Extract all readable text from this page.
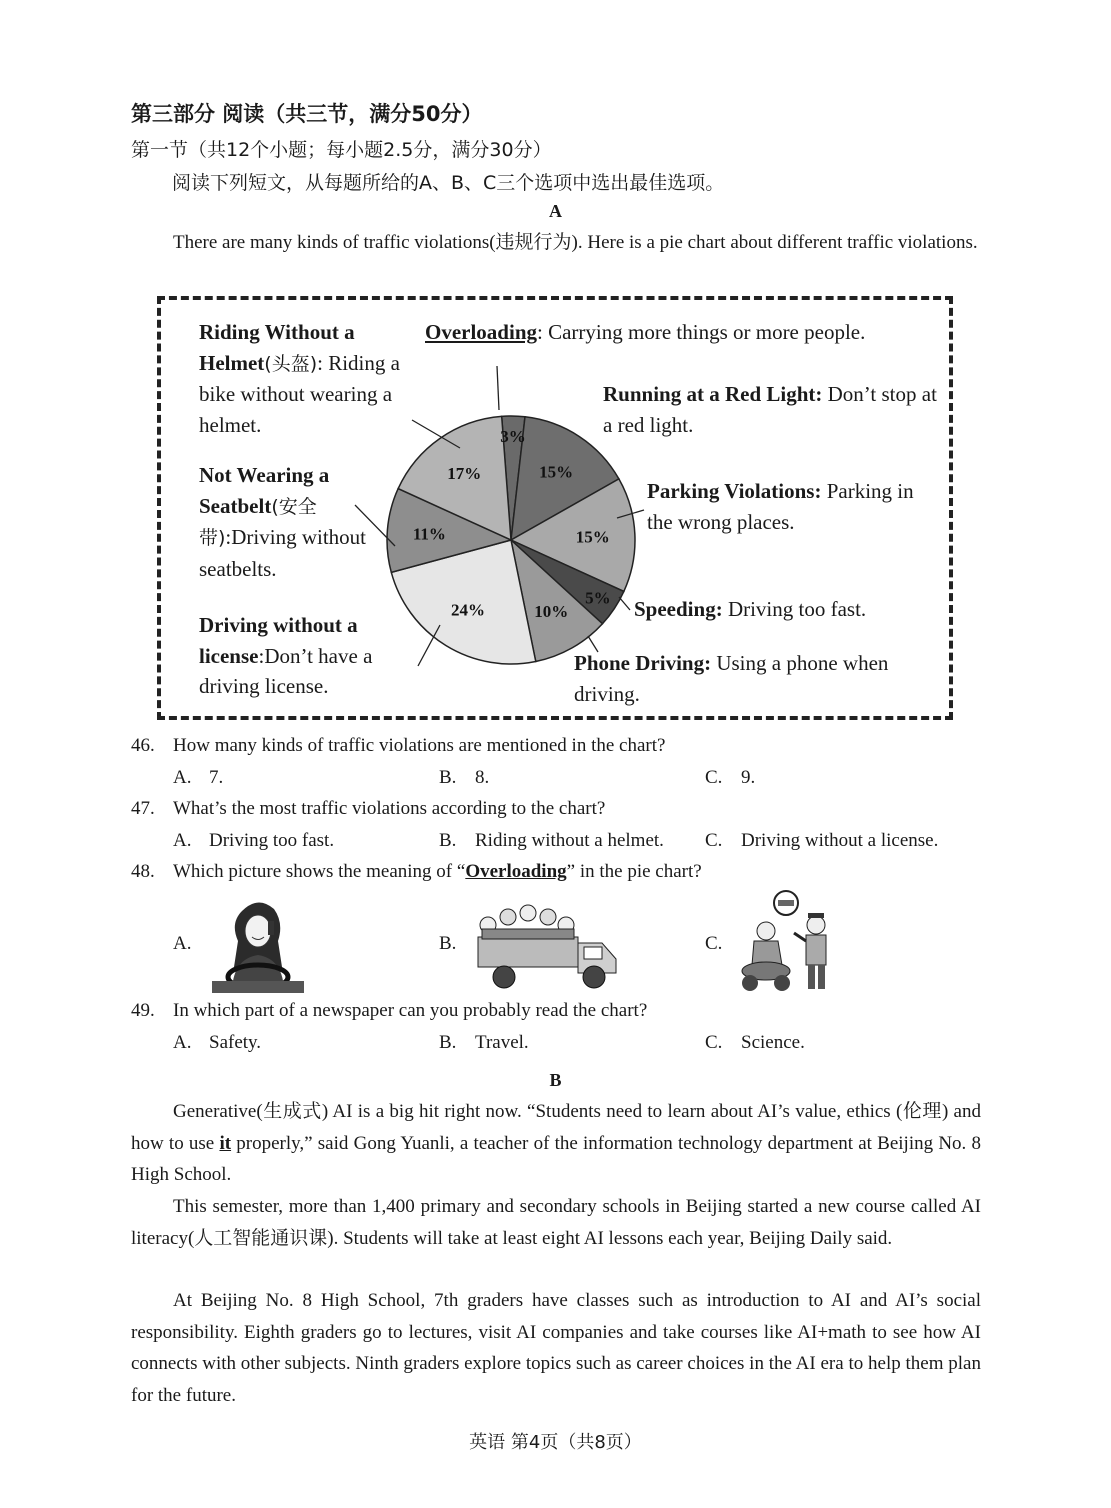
第三部分 阅读（共三节，满分50分）
第一节（共12个小题；每小题2.5分，满分30分）
阅读下列短文，从每题所给的A、B、C三个选项中选出最佳选项。
A
There are many kinds of traffic violations(违规行为). Here is a pie chart about different traffic violations.
3%
15%
15%
5%
10%
24%
11%
17%
Riding Without a Helmet(头盔): Riding a bike without wearing a helmet.
Overloading: Carrying more things or more people.
Running at a Red Light: Don’t stop at a red light.
Not Wearing a Seatbelt(安全带):Driving without seatbelts.
Parking Violations: Parking in the wrong places.
Speeding: Driving too fast.
Driving without a license:Don’t have a driving license.
Phone Driving: Using a phone when driving.
46. How many kinds of traffic violations are mentioned in the chart?
A. 7.	B. 8.	C. 9.
47. What’s the most traffic violations according to the chart?
A. Driving too fast.	B. Riding without a helmet. C. Driving without a license.
48. Which picture shows the meaning of “Overloading” in the pie chart?
A.	B.	C.
49. In which part of a newspaper can you probably read the chart?
A. Safety.	B. Travel.	C. Science.
B
Generative(生成式) AI is a big hit right now. “Students need to learn about AI’s value, ethics (伦理) and how to use it properly,” said Gong Yuanli, a teacher of the information technology department at Beijing No. 8 High School.
This semester, more than 1,400 primary and secondary schools in Beijing started a new course called AI literacy(人工智能通识课). Students will take at least eight AI lessons each year, Beijing Daily said.
At Beijing No. 8 High School, 7th graders have classes such as introduction to AI and AI’s social responsibility. Eighth graders go to lectures, visit AI companies and take courses like AI+math to see how AI connects with other subjects. Ninth graders explore topics such as career choices in the AI era to help them plan for the future.
英语 第4页（共8页）
